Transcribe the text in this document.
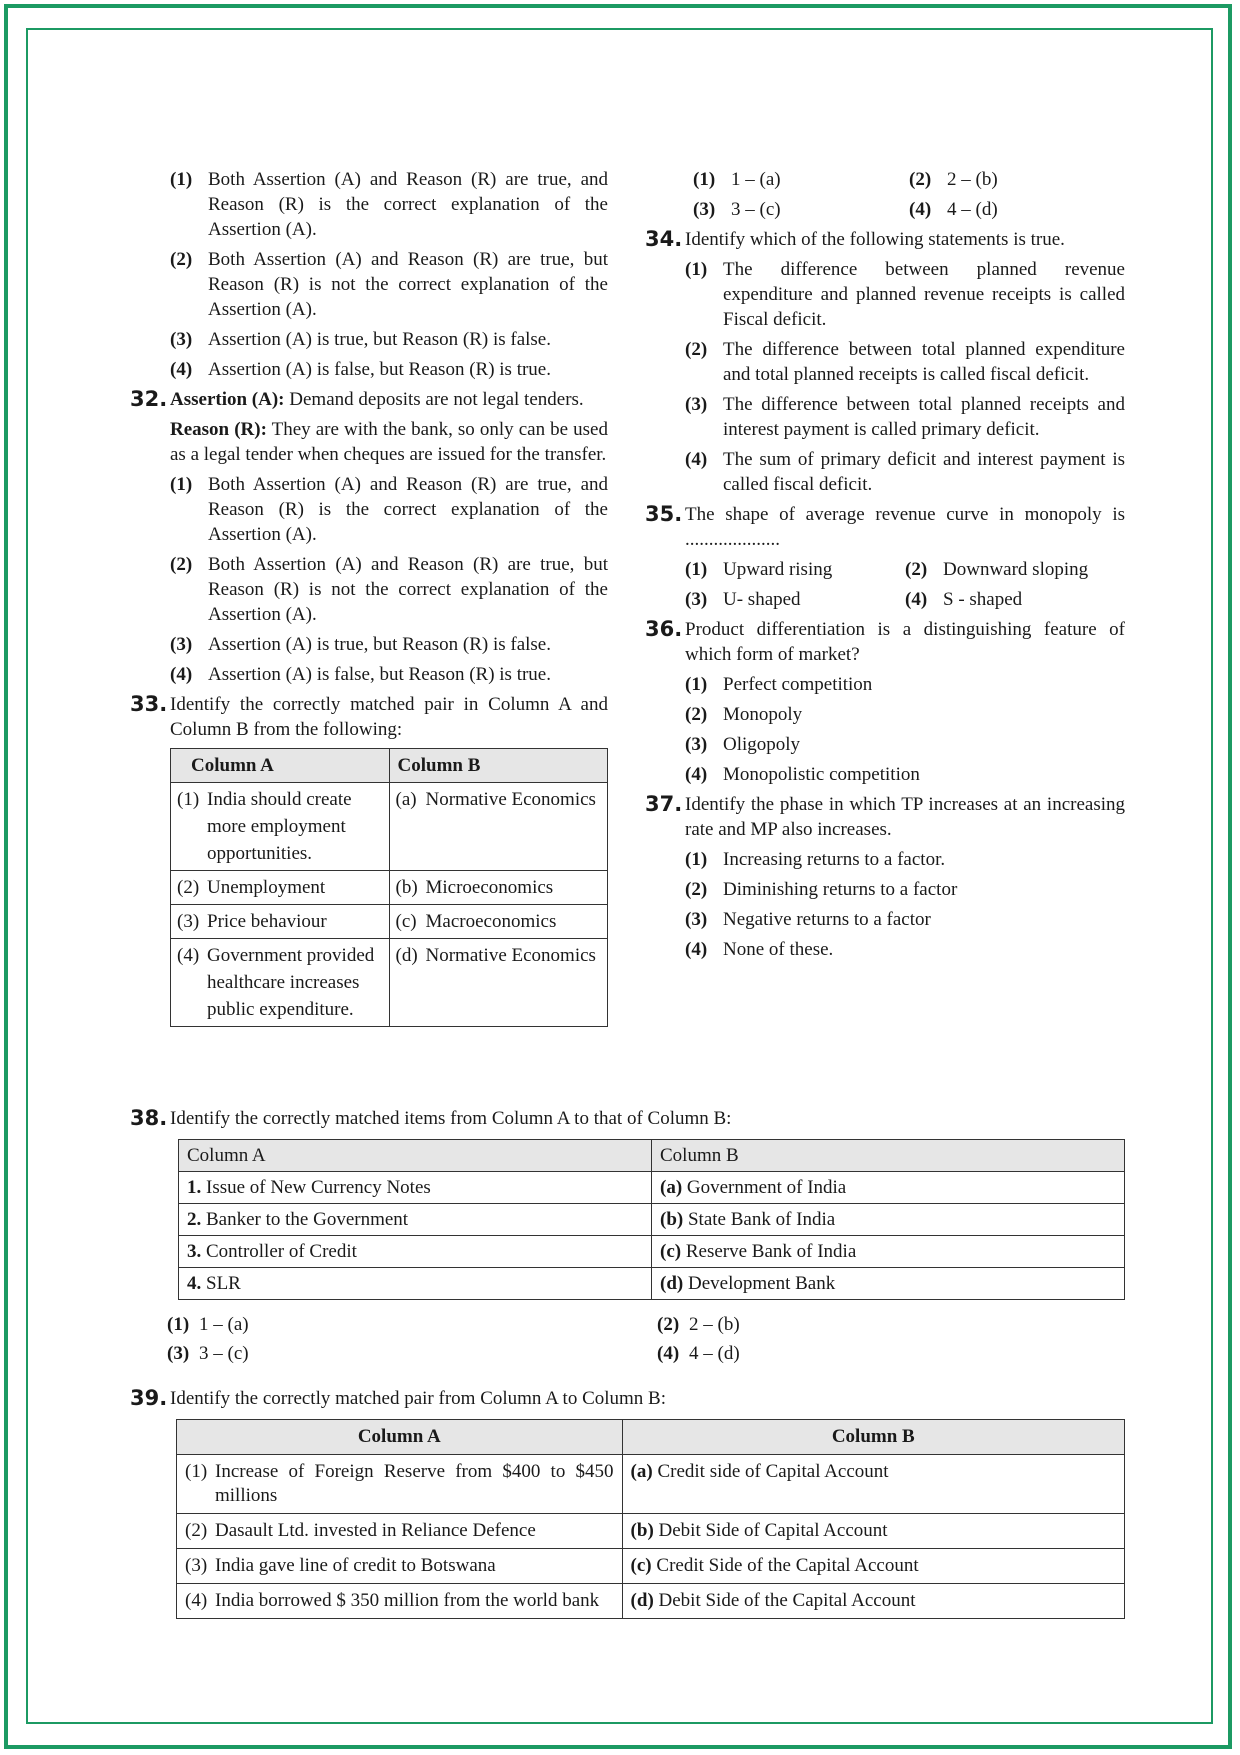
(1) Both Assertion (A) and Reason (R) are true, and Reason (R) is the correct explanation of the Assertion (A).
(2) Both Assertion (A) and Reason (R) are true, but Reason (R) is not the correct explanation of the Assertion (A).
(3) Assertion (A) is true, but Reason (R) is false.
(4) Assertion (A) is false, but Reason (R) is true.
32. Assertion (A): Demand deposits are not legal tenders.
Reason (R): They are with the bank, so only can be used as a legal tender when cheques are issued for the transfer.
(1) Both Assertion (A) and Reason (R) are true, and Reason (R) is the correct explanation of the Assertion (A).
(2) Both Assertion (A) and Reason (R) are true, but Reason (R) is not the correct explanation of the Assertion (A).
(3) Assertion (A) is true, but Reason (R) is false.
(4) Assertion (A) is false, but Reason (R) is true.
33. Identify the correctly matched pair in Column A and Column B from the following:
Column A	Column B

(1) India should create more employment opportunities.	(a) Normative Economics

(2) Unemployment	(b) Microeconomics

(3) Price behaviour	(c) Macroeconomics

(4) Government provided healthcare increases public expenditure.	(d) Normative Economics
(1) 1 – (a)	(2) 2 – (b)
(3) 3 – (c)	(4) 4 – (d)
34. Identify which of the following statements is true.
(1) The difference between planned revenue expenditure and planned revenue receipts is called Fiscal deficit.
(2) The difference between total planned expenditure and total planned receipts is called fiscal deficit.
(3) The difference between total planned receipts and interest payment is called primary deficit.
(4) The sum of primary deficit and interest payment is called fiscal deficit.
35. The shape of average revenue curve in monopoly is ....................
(1) Upward rising	(2) Downward sloping
(3) U- shaped	(4) S - shaped
36. Product differentiation is a distinguishing feature of which form of market?
(1) Perfect competition
(2) Monopoly
(3) Oligopoly
(4) Monopolistic competition
37. Identify the phase in which TP increases at an increasing rate and MP also increases.
(1) Increasing returns to a factor.
(2) Diminishing returns to a factor
(3) Negative returns to a factor
(4) None of these.
38. Identify the correctly matched items from Column A to that of Column B:
Column A	Column B
1. Issue of New Currency Notes	(a) Government of India
2. Banker to the Government	(b) State Bank of India
3. Controller of Credit	(c) Reserve Bank of India
4. SLR	(d) Development Bank
(1) 1 – (a)	(2) 2 – (b)
(3) 3 – (c)	(4) 4 – (d)
39. Identify the correctly matched pair from Column A to Column B:
Column A	Column B

(1) Increase of Foreign Reserve from $400 to $450 millions	(a) Credit side of Capital Account

(2) Dasault Ltd. invested in Reliance Defence	(b) Debit Side of Capital Account

(3) India gave line of credit to Botswana	(c) Credit Side of the Capital Account

(4) India borrowed $ 350 million from the world bank	(d) Debit Side of the Capital Account
